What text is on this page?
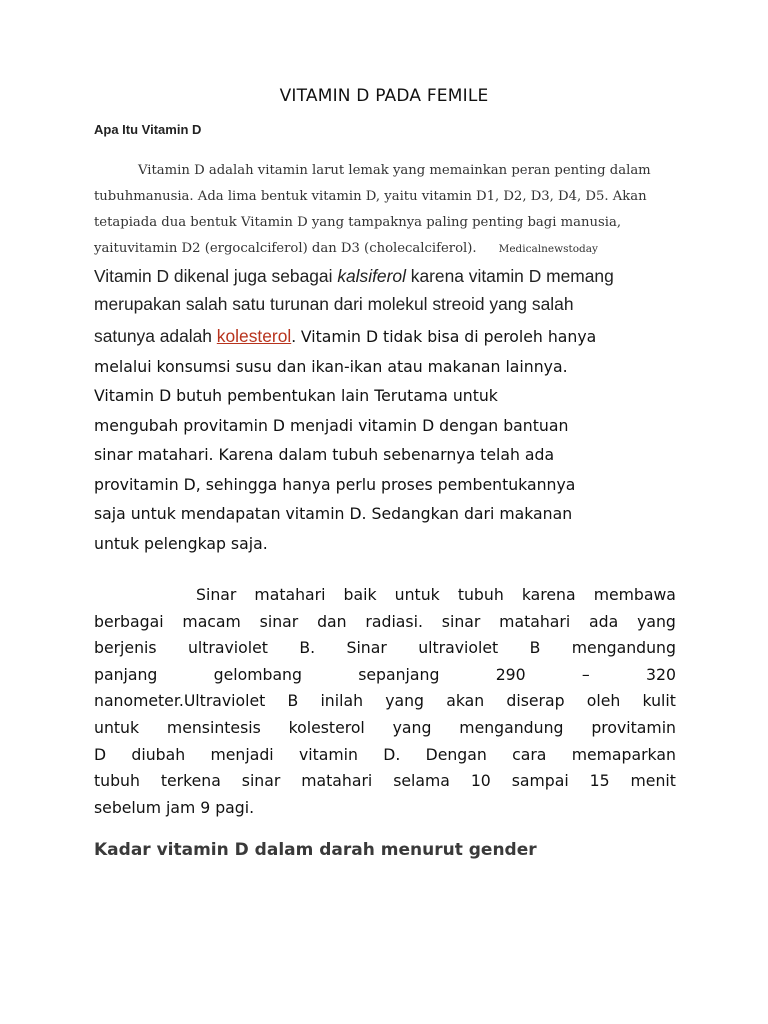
VITAMIN D PADA FEMILE
Apa Itu Vitamin D
Vitamin D adalah vitamin larut lemak yang memainkan peran penting dalam
tubuhmanusia. Ada lima bentuk vitamin D, yaitu vitamin D1, D2, D3, D4, D5. Akan
tetapiada dua bentuk Vitamin D yang tampaknya paling penting bagi manusia,
yaituvitamin D2 (ergocalciferol) dan D3 (cholecalciferol). Medicalnewstoday
Vitamin D dikenal juga sebagai kalsiferol karena vitamin D memang
merupakan salah satu turunan dari molekul streoid yang salah
satunya adalah kolesterol. Vitamin D tidak bisa di peroleh hanya
melalui konsumsi susu dan ikan-ikan atau makanan lainnya.
Vitamin D butuh pembentukan lain Terutama untuk
mengubah provitamin D menjadi vitamin D dengan bantuan
sinar matahari. Karena dalam tubuh sebenarnya telah ada
provitamin D, sehingga hanya perlu proses pembentukannya
saja untuk mendapatan vitamin D. Sedangkan dari makanan
untuk pelengkap saja.
Sinar matahari baik untuk tubuh karena membawa
berbagai macam sinar dan radiasi. sinar matahari ada yang
berjenis ultraviolet B. Sinar ultraviolet B mengandung
panjang	gelombang	sepanjang	290	–	320
nanometer.Ultraviolet B inilah yang akan diserap oleh kulit
untuk mensintesis kolesterol yang mengandung provitamin
D diubah menjadi vitamin D. Dengan cara memaparkan
tubuh terkena sinar matahari selama 10 sampai 15 menit
sebelum jam 9 pagi.
Kadar vitamin D dalam darah menurut gender
